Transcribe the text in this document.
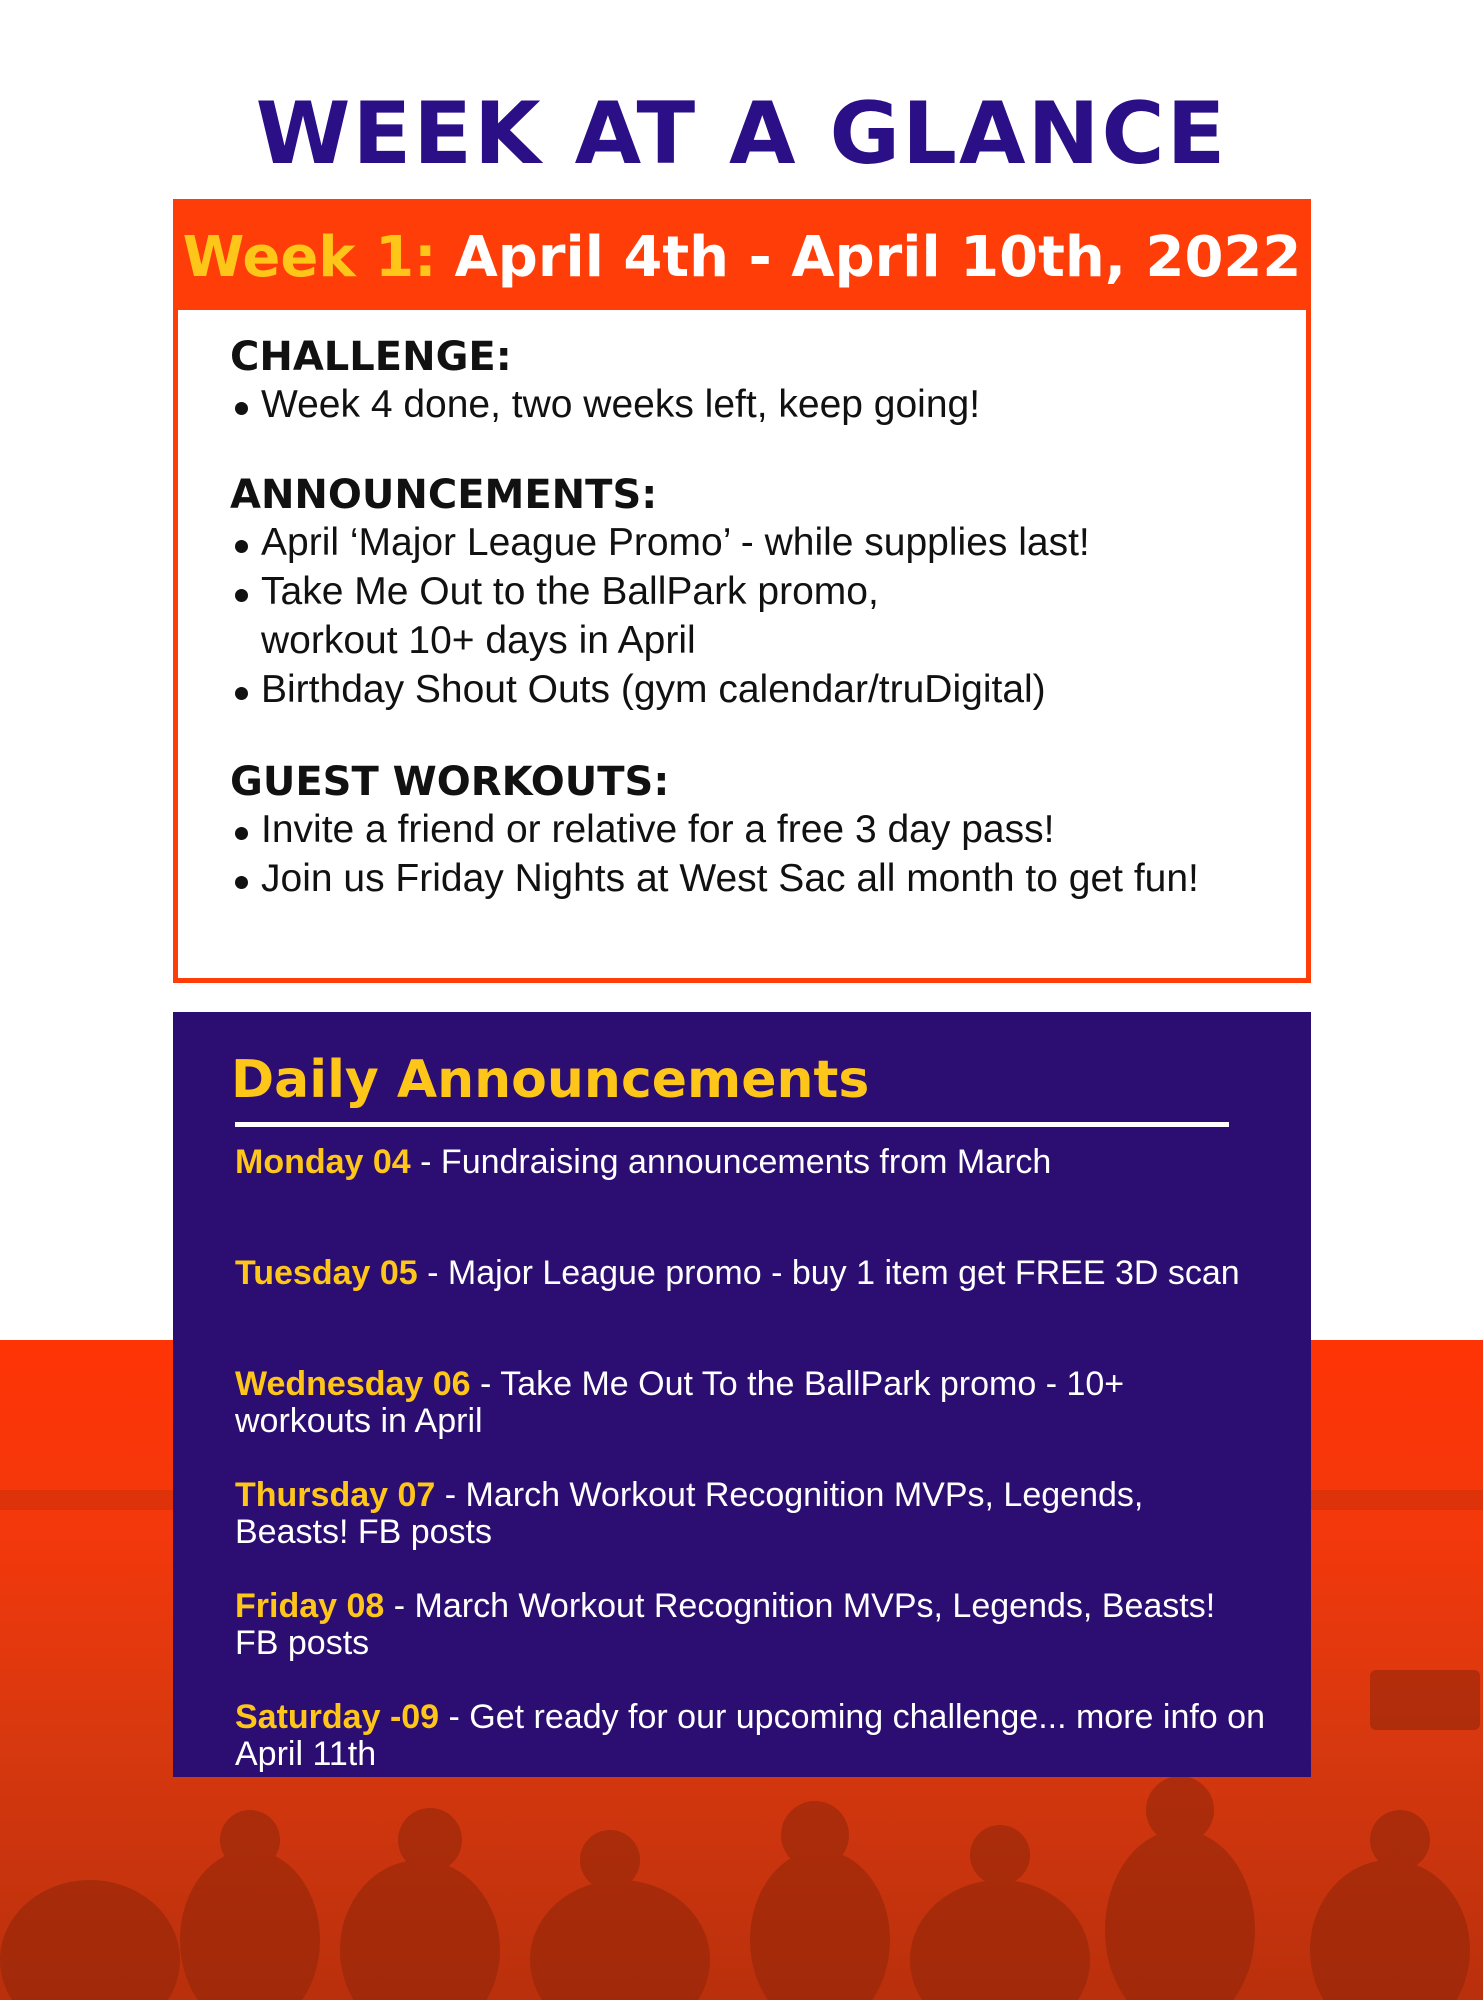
WEEK AT A GLANCE
Week 1: April 4th - April 10th, 2022
CHALLENGE:
Week 4 done, two weeks left, keep going!
ANNOUNCEMENTS:
April ‘Major League Promo’ - while supplies last!
Take Me Out to the BallPark promo, workout 10+ days in April
Birthday Shout Outs (gym calendar/truDigital)
GUEST WORKOUTS:
Invite a friend or relative for a free 3 day pass!
Join us Friday Nights at West Sac all month to get fun!
Daily Announcements
Monday 04 - Fundraising announcements from March
Tuesday 05 - Major League promo - buy 1 item get FREE 3D scan
Wednesday 06 - Take Me Out To the BallPark promo - 10+ workouts in April
Thursday 07 - March Workout Recognition MVPs, Legends, Beasts! FB posts
Friday 08 - March Workout Recognition MVPs, Legends, Beasts! FB posts
Saturday -09 - Get ready for our upcoming challenge... more info on April 11th
